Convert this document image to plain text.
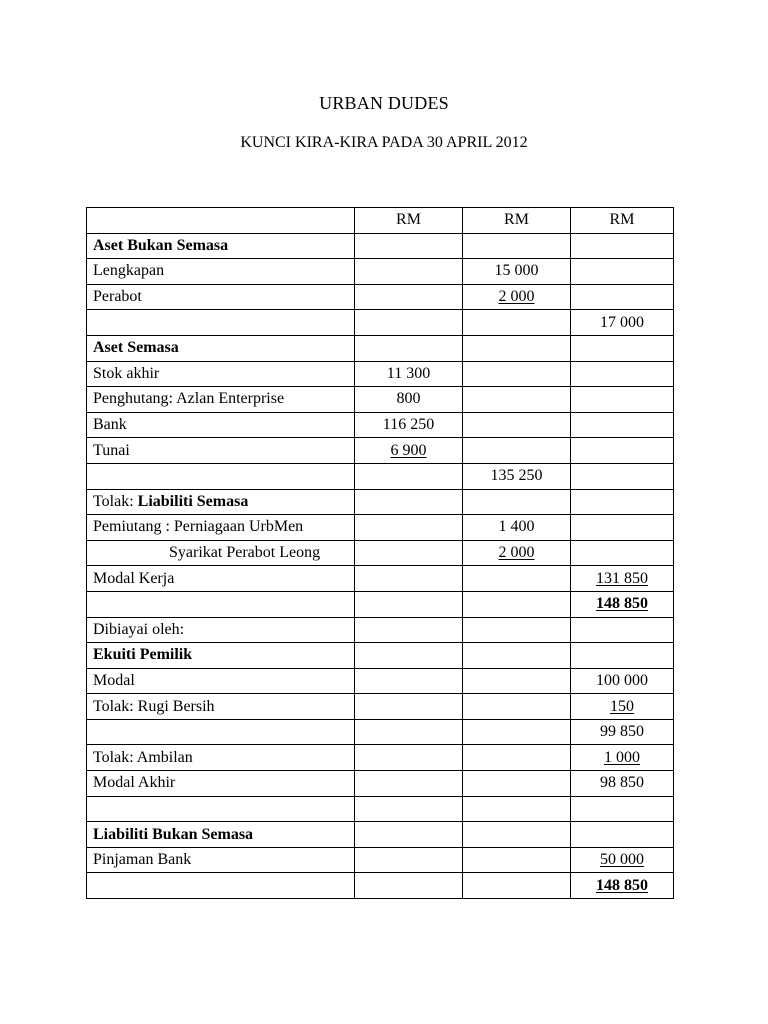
URBAN DUDES
KUNCI KIRA-KIRA PADA 30 APRIL 2012
	RM	RM	RM
Aset Bukan Semasa			
Lengkapan		15 000	
Perabot		2 000	
			17 000
Aset Semasa			
Stok akhir	11 300		
Penghutang: Azlan Enterprise	800		
Bank	116 250		
Tunai	6 900		
		135 250	
Tolak: Liabiliti Semasa			
Pemiutang : Perniagaan UrbMen		1 400	
Syarikat Perabot Leong		2 000	
Modal Kerja			131 850
			148 850
Dibiayai oleh:			
Ekuiti Pemilik			
Modal			100 000
Tolak: Rugi Bersih			150
			99 850
Tolak: Ambilan			1 000
Modal Akhir			98 850

Liabiliti Bukan Semasa			
Pinjaman Bank			50 000
			148 850
